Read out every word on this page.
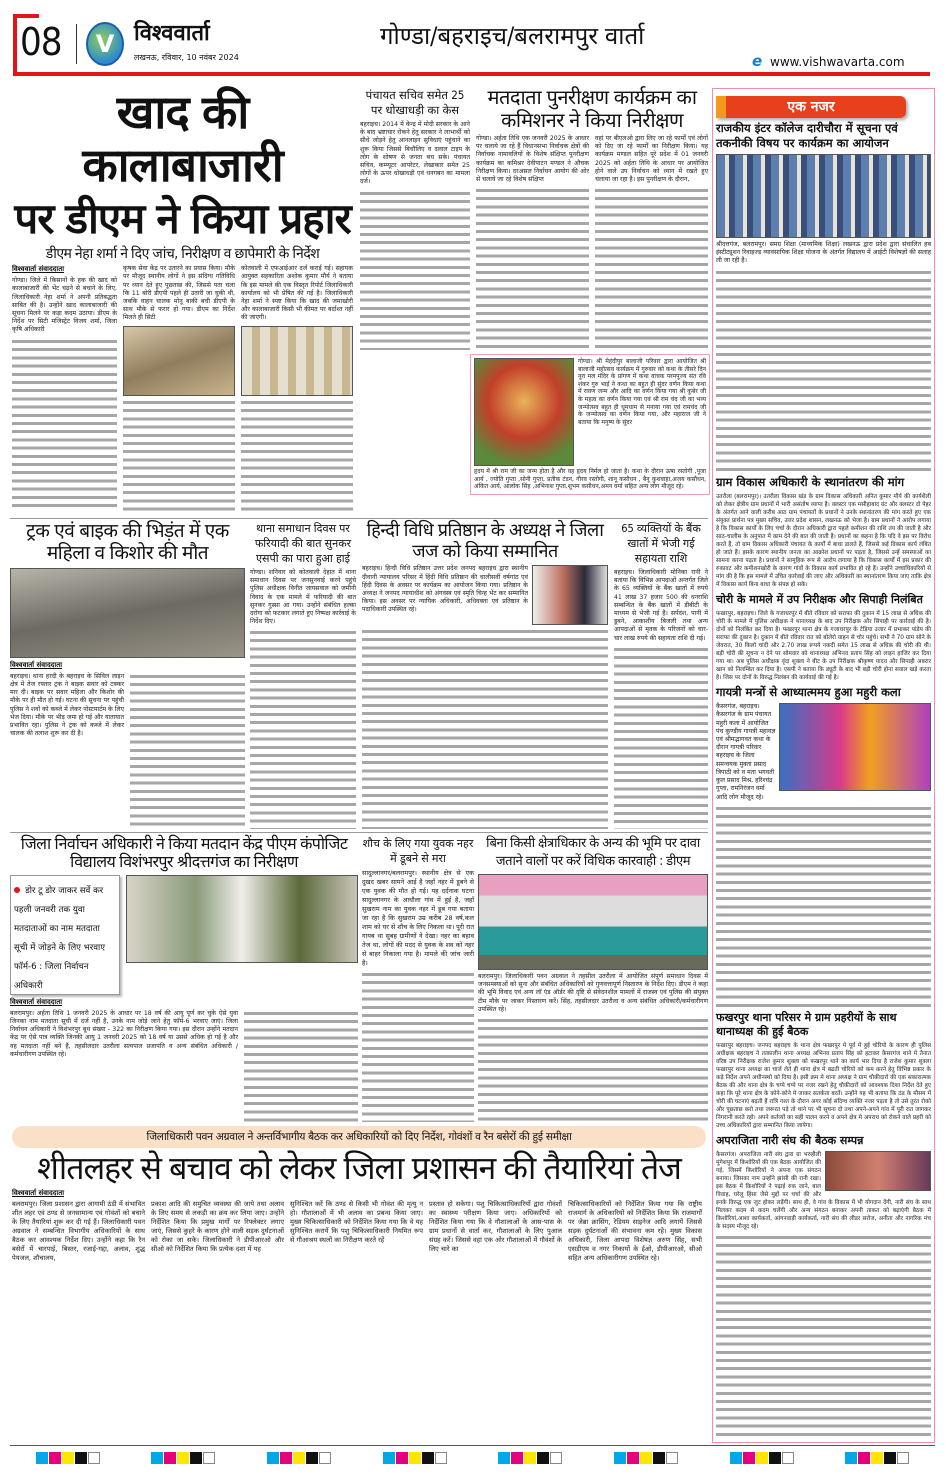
08	V विश्ववार्ता
लखनऊ, रविवार, 10 नवंबर 2024
गोण्डा/बहराइच/बलरामपुर वार्ता
e www.vishwavarta.com
खाद की कालाबाजारी
पर डीएम ने किया प्रहार
डीएम नेहा शर्मा ने दिए जांच, निरीक्षण व छापेमारी के निर्देश
विश्ववार्ता संवाददाता
गोण्डा। जिले में किसानों के हक की खाद को कालाबाजारी की भेंट चढ़ने से बचाने के लिए, जिलाधिकारी नेहा शर्मा ने अपनी प्रतिबद्धता साबित की है। उन्होंने खाद कालाबाजारी की सूचना मिलने पर कड़ा कदम उठाया। डीएम के निर्देश पर सिटी मजिस्ट्रेट विजय शर्मा, जिला कृषि अधिकारी
कृषक सेवा केंद्र पर उतारने का प्रयास किया। मौके पर मौजूद स्थानीय लोगों ने इस संदिग्ध गतिविधि पर ध्यान देते हुए पूछताछ की, जिससे पता चला कि 11 बोरी डीएपी पहले ही उतारी जा चुकी थी, जबकि वाहन चालक मोनू बाकी बची डीएपी के साथ मौके से फरार हो गया। डीएम का निर्देश मिलते ही सिटी
कोतवाली में एफआईआर दर्ज कराई गई। सहायक आयुक्त सहकारिता अशोक कुमार मौर्य ने बताया कि इस मामले की एक विस्तृत रिपोर्ट जिलाधिकारी कार्यालय को भी प्रेषित की गई है। जिलाधिकारी नेहा शर्मा ने स्पष्ट किया कि खाद की जमाखोरी और कालाबाजारी किसी भी कीमत पर बर्दाश्त नहीं की जाएगी।
पंचायत सचिव समेत 25 पर धोखाधड़ी का केस
बहराइच। 2014 में केन्द्र में मोदी सरकार के आने के बाद भ्रष्टाचार रोकने हेतु सरकार ने लाभार्थी को सीधे जोड़ने हेतु आनलाइन सुविधाएं पहुंचाने का शुरू किया जिससे बिचौलिए व दलाल टाइप के लोग के शोषण से जनता बच सके। पंचायत सचिव, कम्प्यूटर आपरेटर, लेखाकार समेत 25 लोगों के ऊपर धोखाधड़ी एवं धनगबन का मामला दर्ज।
मतदाता पुनरीक्षण कार्यक्रम का कमिशनर ने किया निरीक्षण
गोण्डा। अर्हता तिथि एक जनवरी 2025 के आधार पर चलाये जा रहे हैं विधानसभा निर्वाचक क्षेत्रों की निर्वाचक नामावलियों के विशेष संक्षिप्त पुनरीक्षण कार्यक्रम का कमिश्नर देवीपाटन मण्डल ने औचक निरीक्षण किया। दरअसल निर्वाचन आयोग की ओर से चलाये जा रहे विशेष संक्षिप्त
वहां पर बीएलओ द्वारा लिए जा रहे फार्मों एवं लोगों को दिए जा रहे फार्मों का निरीक्षण किया। यह कार्यक्रम मण्डल सहित पूरे प्रदेश में 01 जनवरी 2025 को अर्हता तिथि के आधार पर आयोजित होने वाले उप निर्वाचन को ध्यान में रखते हुए चलाया जा रहा है। इस पुनरीक्षण के दौरान,
गोण्डा। श्री मेहंदीपुर बालाजी परिवार द्वारा आयोजित श्री बालाजी महोत्सव कार्यक्रम में गुरुवार को कथा के तीसरे दिन नूरा मल मंदिर के प्रांगण में कथा वाचक परमपूज्य संत रवि शंकर गुरु भाई ने कथा का बहुत ही सुंदर वर्णन किया कथा में रावण जन्म और आदि का वर्णन किया गया श्री कुबेर जी के महत्व का वर्णन किया गया एवं श्री राम चंद जी का भव्य जन्मोत्सव बहुत ही धूमधाम से मनाया गया एवं रामचंद जी के जन्मोत्सव का वर्णन किया गया, और महाराज जी ने बताया कि मनुष्य के सुंदर
हृदय में श्री राम जी का जन्म होता है और वह हृदय निर्मल हो जाता है। कथा के दौरान ऊषा रस्तोगी ,पूजा आर्य , ज्योति गुप्ता ,सोनी गुप्ता, प्रतीक टंडन, गौरव रस्तोगी, शानू कसौधन , बैनू कुशवाहा,अजय कसौधन, अंकित आर्य, आलोक सिंह ,अभिनाश गुप्ता,शुभम कसौधन,अमन वर्मा सहित अन्य लोग मौजूद रहे।
एक नजर
राजकीय इंटर कॉलेज दारीचौरा में सूचना एवं तकनीकी विषय पर कार्यक्रम का आयोजन
श्रीदत्तगंज, बलरामपुर। समग्र शिक्षा (माध्यमिक शिक्षा) लखनऊ द्वारा प्रदेश द्वारा संचालित हब इंस्टीट्यूशन रिवाइज्ड व्यावसायिक शिक्षा योजना के अंतर्गत विद्यालय में आईटी विशेषज्ञों की सलाह ली जा रही है।
ग्राम विकास अधिकारी के स्थानांतरण की मांग
उतरौला (बलरामपुर)। उतरौला विकास खंड के ग्राम विकास अधिकारी अनित कुमार मौर्य की कार्यशैली को लेकर क्षेत्रीय ग्राम प्रधानों में भारी असंतोष व्याप्त है। क्लस्टर एक मसीहाबाद ग्रंट और क्लस्टर दो पेहर के अंतर्गत आने वाली करीब आठ ग्राम पंचायतों के प्रधानों ने उनके स्थानांतरण की मांग करते हुए एक संयुक्त प्रार्थना पत्र मुख्य सचिव, उत्तर प्रदेश शासन, लखनऊ को भेजा है। ग्राम प्रधानों ने आरोप लगाया है कि विकास कार्यों के लिए चर्चा के दौरान अधिकारी द्वारा पहले कमीशन की राशि तय की जाती है और साठ-चालीस के अनुपात में काम देने की बात की जाती है। प्रधानों का कहना है कि यदि वे इस पर विरोध करते हैं, तो ग्राम विकास अधिकारी पंचायत के कार्यों में बाधा डालते हैं, जिससे कई विकास कार्य लंबित हो जाते हैं। इसके कारण स्थानीय जनता का आक्रोश प्रधानों पर पड़ता है, जिससे उन्हें समस्याओं का सामना करना पड़ता है। प्रधानों ने सामूहिक रूप से आरोप लगाया है कि विकास कार्यों में इस प्रकार की रुकावट और कमीशनखोरी के कारण गांवों के विकास कार्य प्रभावित हो रहे हैं। उन्होंने उच्चाधिकारियों से मांग की है कि इस मामले में उचित कार्रवाई की जाए और अधिकारी का स्थानांतरण किया जाए ताकि क्षेत्र में विकास कार्य बिना बाधा के संपन्न हो सके।
चोरी के मामले में उप निरीक्षक और सिपाही निलंबित
फखरपुर, बहराइच। जिले के गजाधरपुर में बीते रविवार को सराफा की दुकान में 15 लाख से अधिक की चोरी के मामले में पुलिस अधीक्षक ने थानाध्यक्ष के बाद उप निरीक्षक और सिपाही पर कार्रवाई की है। दोनों को निलंबित कर दिया है। फखरपुर थाना क्षेत्र के गजाधरपुर के टेड़िया उजार में प्रभाकर पांडेय की सराफा की दुकान है। दुकान में बीते रविवार रात को बोलेरो वाहन से चोर पहुंचे। सभी ने 70 ग्राम सोने के जेवरात, 30 किलो चांदी और 2.70 लाख रूपये नकदी समेत 15 लाख से अधिक की चोरी की थी। बड़ी चोरी की सूचना न देने पर सोमवार को थानाध्यक्ष अभिनव प्रताप सिंह को लाइन हाजिर कर दिया गया था। अब पुलिस अधीक्षक वृंदा शुक्ला ने बीट के उप निरीक्षक श्रीकृष्ण यादव और सिपाही अबरार खान को निलम्बित कर दिया है। एसपी ने बताया कि ड्यूटी के बाद भी बड़ी चोरी होना सवाल खड़े करता है। जिस पर दोनों के विरुद्ध निलंबन की कार्यवाई की गई है।
गायत्री मन्त्रों से आध्यात्ममय हुआ महुरी कला
कैसरगंज, बहराइच। कैसरगंज के ग्राम पंचायत महुरी कला में आयोजित पंच कुण्डीय गायत्री महायज्ञ एवं श्रीमद्भागवत कथा के दौरान गायत्री परिवार बहराइच के जिला समन्वयक मुक्ता प्रसाद त्रिपाठी को व मता भगवती कुल प्रसाद मिश्र, हरिश्चंद्र गुप्ता, रामनिरंजन वर्मा आदि लोग मौजूद रहे।
फखरपुर थाना परिसर मे ग्राम प्रहरीयों के साथ थानाध्यक्ष की हुई बैठक
फखरपुर बहराइच। जनपद बहराइच के थाना क्षेत्र फखरपुर मे पूर्व मे हुई चोरियो के कारण ही पुलिस अधीक्षक बहराइच ने तत्कालीन थाना अध्यक्ष अभिनव प्रताप सिंह को हटाकर कैसरगंज थाने मे तैनात वरिष्ठ उप निरीक्षक राजेश कुमार शुक्ला को फखरपुर थाने का कार्य भार दिया है राजेश कुमार शुक्ला फखरपुर थाना अध्यक्ष का चार्ज लेते ही थाना क्षेत्र मे बढती चोरियो को कम करने हेतु विभिन्न प्रकार के कड़े निर्देश अपने अधीनस्थो को दिया है। इसी क्रम मे थाना अध्यक्ष ने ग्राम चौकीदारो की एक सकारात्मक बैठक की और थाना क्षेत्र के चप्पे चप्पे पर नजर रखने हेतु चौकीदारों को आवश्यक दिशा निर्देश देते हुए कहा कि पूरे थाना क्षेत्र के कोने-कोने मे जाकर सतर्कता बरतें। उन्होंने यह भी बताया कि ठंड के मौसम में चोरी की घटनाएं बढ़ती हैं रात्रि गश्त के दौरान अगर कोई संदिग्ध व्यक्ति नजर पड़ता है तो उसे तुरंत रोको और पूछताछ करो तथा जरूरत पड़े तो थाने पर भी सूचना दो तथा अपने-अपने गांव में पूरी रात जागकर निगरानी करते रहो। अपने कर्तव्यों का सही पालन करने व अपने क्षेत्र मे अपराध को रोकने वाले प्रहरी को उच्च अधिकारियों द्वारा सम्मानित किया जायेगा।
अपराजिता नारी संघ की बैठक सम्पन्न
कैसरगंज। अपराजिता नारी संघ द्वारा ग्रा भरुहौली मुंगेशपुर में किशोरियों की एक बैठक आयोजित की गई, जिसमें किशोरियों ने अपना एक संगठन बनाया। जिसका नाम उन्होंने झांसी की रानी रखा। इस बैठक में किशोरियों ने पढ़ाई रुक जाने, बाल विवाह, घरेलू हिंसा जैसे मुद्दों पर चर्चा की और इनके विरुद्ध एक जुट होकर लड़ेंगी। साथ ही, वे गांव के विकास में भी योगदान देंगी, नारी संघ के साथ मिलकर कदम से कदम चलेंगी और अन्य संगठन बनाकर अपनी ताकत को बढ़ाएंगी बैठक में किशोरियां,आशा कार्यकर्ता, आंगनवाड़ी कार्यकर्ता, नारी संघ की लीडर सरोज, अनीता और नागरिक मंच के सदस्य मौजूद रहे।
ट्रक एवं बाइक की भिड़ंत में एक महिला व किशोर की मौत
विश्ववार्ता संवाददाता
बहराइच। थाना हरदी के बहराइच के सिविल लाइन क्षेत्र में तेज रफ्तार ट्रक ने बाइक सवार को टक्कर मार दी। बाइक पर सवार महिला और किशोर की मौके पर ही मौत हो गई। घटना की सूचना पर पहुंची पुलिस ने शवों को कब्जे में लेकर पोस्टमार्टम के लिए भेज दिया। मौके पर भीड़ जमा हो गई और यातायात प्रभावित रहा। पुलिस ने ट्रक को कब्जे में लेकर चालक की तलाश शुरू कर दी है।
थाना समाधान दिवस पर फरियादी की बात सुनकर एसपी का पारा हुआ हाई
गोण्डा। शनिवार को कोतवाली देहात में थाना समाधान दिवस पर जनसुनवाई करने पहुंचे पुलिस अधीक्षक विनीत जायसवाल को जमीनी विवाद के एक मामले में फरियादी की बात सुनकर गुस्सा आ गया। उन्होंने संबंधित हल्का दरोगा को फटकार लगाते हुए निष्पक्ष कार्रवाई के निर्देश दिए।
हिन्दी विधि प्रतिष्ठान के अध्यक्ष ने जिला जज को किया सम्मानित
बहराइच। हिन्दी विधि प्रतिष्ठान उत्तर प्रदेश जनपद बहराइच द्वारा स्थानीय दीवानी न्यायालय परिसर में हिंदी विधि प्रतिष्ठान की चालीसवीं वर्षगांठ एवं हिंदी दिवस के अवसर पर कार्यक्रम का आयोजन किया गया। प्रतिष्ठान के अध्यक्ष ने जनपद न्यायाधीश को अंगवस्त्र एवं स्मृति चिन्ह भेंट कर सम्मानित किया। इस अवसर पर न्यायिक अधिकारी, अधिवक्ता एवं प्रतिष्ठान के पदाधिकारी उपस्थित रहे।
65 व्यक्तियों के बैंक खातों में भेजी गई सहायता राशि
बहराइच। जिलाधिकारी मोनिका रानी ने बताया कि विभिन्न आपदाओं अन्तर्गत जिले के 65 व्यक्तियों के बैंक खातों में रुपये 41 लाख 37 हजार 500 की धनराशि सम्बन्धित के बैंक खातों में डीबीटी के माध्यम से भेजी गई है। सर्पदंश, पानी में डूबने, आकाशीय बिजली तथा अन्य आपदाओं से मृतक के परिजनों को चार-चार लाख रुपये की सहायता राशि दी गई।
जिला निर्वाचन अधिकारी ने किया मतदान केंद्र पीएम कंपोजिट विद्यालय विशंभरपुर श्रीदत्तगंज का निरीक्षण
डोर टू डोर जाकर सर्वे कर पहली जनवरी तक युवा मतदाताओं का नाम मतदाता सूची में जोड़ने के लिए भरवाए फॉर्म-6 : जिला निर्वाचन अधिकारी
विश्ववार्ता संवाददाता
बलरामपुर। अर्हता तिथि 1 जनवरी 2025 के आधार पर 18 वर्ष की आयु पूर्ण कर चुके ऐसे युवा जिनका नाम मतदाता सूची में दर्ज नहीं है, उनके नाम जोड़े जाने हेतु फॉर्म-6 भरवाए जाएं। जिला निर्वाचन अधिकारी ने विशंभरपुर बूथ संख्या - 322 का निरीक्षण किया गया। इस दौरान उन्होंने मतदान केंद्र पर ऐसे पात्र व्यक्ति जिनकी आयु 1 जनवरी 2025 को 18 वर्ष या उससे अधिक हो गई है और वह मतदाता नहीं बने हैं, तहसीलदार उतरौला सत्यपाल प्रजापति व अन्य संबंधित अधिकारी / कर्मचारीगण उपस्थित रहे।
शौच के लिए गया युवक नहर में डूबने से मरा
सादुल्लानगर/बलरामपुर। स्थानीय क्षेत्र से एक दुखद खबर सामने आई है जहाँ नहर में डूबने से एक युवक की मौत हो गई। यह दर्दनाक घटना सादुल्लानगर के आधौला गांव में हुई है, जहाँ सुखराम नाम का युवक नहर में डूब गया बताया जा रहा है कि सुखराम उम्र करीब 28 वर्ष,कल शाम को घर से शौच के लिए निकला था। पूरी रात गायब था सुबह ग्रामीणों ने देखा। नहर का बहाव तेज था, लोगों की मदद से युवक के शव को नहर से बाहर निकाला गया है। मामले की जांच जारी है।
बिना किसी क्षेत्राधिकार के अन्य की भूमि पर दावा जताने वालों पर करें विधिक कारवाही : डीएम
बलरामपुर। जिलाधिकारी पवन अग्रवाल ने तहसील उतरौला में आयोजित संपूर्ण समाधान दिवस में जनसमस्याओं को सुना और संबंधित अधिकारियों को गुणवत्तापूर्ण निस्तारण के निर्देश दिए। डीएम ने कहा की भूमि विवाद एवं अन्य लॉ एंड ऑर्डर की दृष्टि से संवेदनशील मामलों में राजस्व एवं पुलिस की संयुक्त टीम मौके पर जाकर निस्तारण करें। सिंह, तहसीलदार उतरौला व अन्य संबंधित अधिकारी/कर्मचारीगण उपस्थित रहे।
जिलाधिकारी पवन अग्रवाल ने अन्तर्विभागीय बैठक कर अधिकारियों को दिए निर्देश, गोवंशों व रैन बसेरों की हुई समीक्षा
शीतलहर से बचाव को लेकर जिला प्रशासन की तैयारियां तेज
विश्ववार्ता संवाददाता
बलरामपुर। जिला प्रशासन द्वारा आगामी ठंडी में संभावित शीत लहर एवं ठण्ड से जनसामान्य एवं गोवंशों को बचाने के लिए तैयारियां शुरू कर दी गई हैं। जिलाधिकारी पवन अग्रवाल ने सम्बन्धित विभागीय अधिकारियों के साथ बैठक कर आवश्यक निर्देश दिए। उन्होंने कहा कि रैन बसेरों में चारपाई, बिस्तर, रजाई-गद्दा, अलाव, शुद्ध पेयजल, शौचालय,
प्रकाश आदि की समुचित व्यवस्था की जाये तथा अलाव के लिए समय से लकड़ी का क्रय कर लिया जाए। उन्होंने निर्देशित किया कि प्रमुख मार्गों पर रिफ्लेक्टर लगाए जाएं, जिससे कुहरे के कारण होने वाली सड़क दुर्घटनाओं को रोका जा सके। जिलाधिकारी ने डीपीआरओ और सीओ को निर्देशित किया कि प्रत्येक दशा में यह
सुनिश्चित करें कि ठण्ड से किसी भी गोवंश की मृत्यु न हो। गौशालाओं में भी अलाव का प्रबन्ध किया जाए। मुख्य चिकित्साधिकारी को निर्देशित किया गया कि वे यह सुनिश्चित करायें कि पशु चिकित्साधिकारी नियमित रूप से गौआश्रय स्थलों का निरीक्षण करते रहें
प्रस्ताव हो सकेगा। पशु चिकित्साधिकारियों द्वारा गोवंशों का स्वास्थ्य परीक्षण किया जाए। अधिकारियों को निर्देशित किया गया कि वे गौशालाओं के आस-पास के ग्राम प्रधानों से वार्ता कर, गौशालाओं के लिए पुआल संग्रह करें। जिससे वहां एक ओर गौशालाओं में गौवंशों के लिए चारे का
चिकित्साधिकारियों को निर्देशित किया गया कि राष्ट्रीय राजमार्ग के अधिकारियों को निर्देशित किया कि राजमार्गों पर जेब्रा क्रासिंग, रेडियम साइनेज आदि लगायें जिससे सड़क दुर्घटनाओं की संभावना कम रहे। मुख्य विकास अधिकारी, जिला आपदा विशेषज्ञ अरुण सिंह, सभी एसडीएम व नगर निकायों के ईओ, डीपीआरओ, सीओ सहित अन्य अधिकारीगण उपस्थित रहे।
